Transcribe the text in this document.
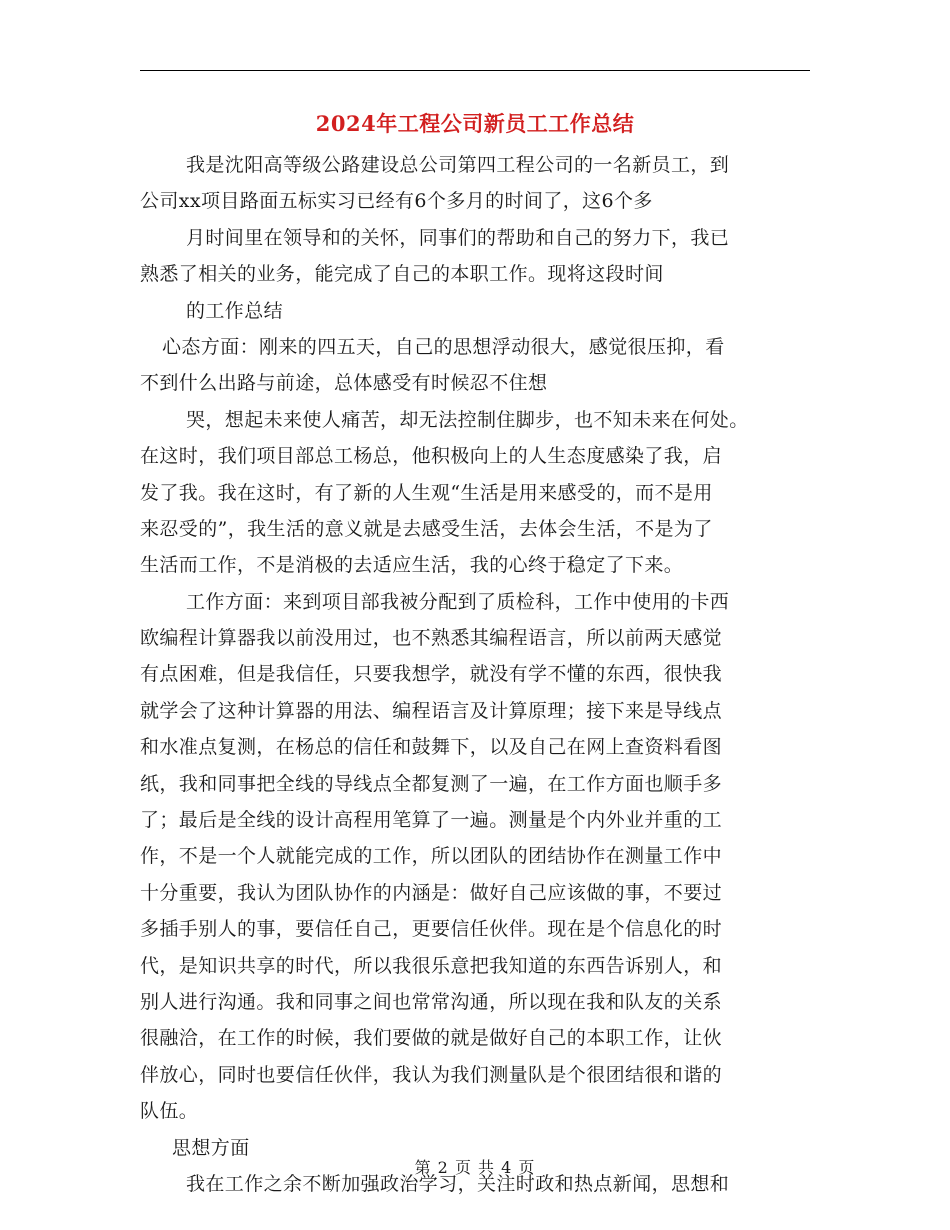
2024年工程公司新员工工作总结
我是沈阳高等级公路建设总公司第四工程公司的一名新员工，到
公司xx项目路面五标实习已经有6个多月的时间了，这6个多
月时间里在领导和的关怀，同事们的帮助和自己的努力下，我已
熟悉了相关的业务，能完成了自己的本职工作。现将这段时间
的工作总结
心态方面：刚来的四五天，自己的思想浮动很大，感觉很压抑，看
不到什么出路与前途，总体感受有时候忍不住想
哭，想起未来使人痛苦，却无法控制住脚步，也不知未来在何处。
在这时，我们项目部总工杨总，他积极向上的人生态度感染了我，启
发了我。我在这时，有了新的人生观“生活是用来感受的，而不是用
来忍受的”，我生活的意义就是去感受生活，去体会生活，不是为了
生活而工作，不是消极的去适应生活，我的心终于稳定了下来。
工作方面：来到项目部我被分配到了质检科，工作中使用的卡西
欧编程计算器我以前没用过，也不熟悉其编程语言，所以前两天感觉
有点困难，但是我信任，只要我想学，就没有学不懂的东西，很快我
就学会了这种计算器的用法、编程语言及计算原理；接下来是导线点
和水准点复测，在杨总的信任和鼓舞下，以及自己在网上查资料看图
纸，我和同事把全线的导线点全都复测了一遍，在工作方面也顺手多
了；最后是全线的设计高程用笔算了一遍。测量是个内外业并重的工
作，不是一个人就能完成的工作，所以团队的团结协作在测量工作中
十分重要，我认为团队协作的内涵是：做好自己应该做的事，不要过
多插手别人的事，要信任自己，更要信任伙伴。现在是个信息化的时
代，是知识共享的时代，所以我很乐意把我知道的东西告诉别人，和
别人进行沟通。我和同事之间也常常沟通，所以现在我和队友的关系
很融洽，在工作的时候，我们要做的就是做好自己的本职工作，让伙
伴放心，同时也要信任伙伴，我认为我们测量队是个很团结很和谐的
队伍。
思想方面
我在工作之余不断加强政治学习，关注时政和热点新闻，思想和
第 2 页 共 4 页
